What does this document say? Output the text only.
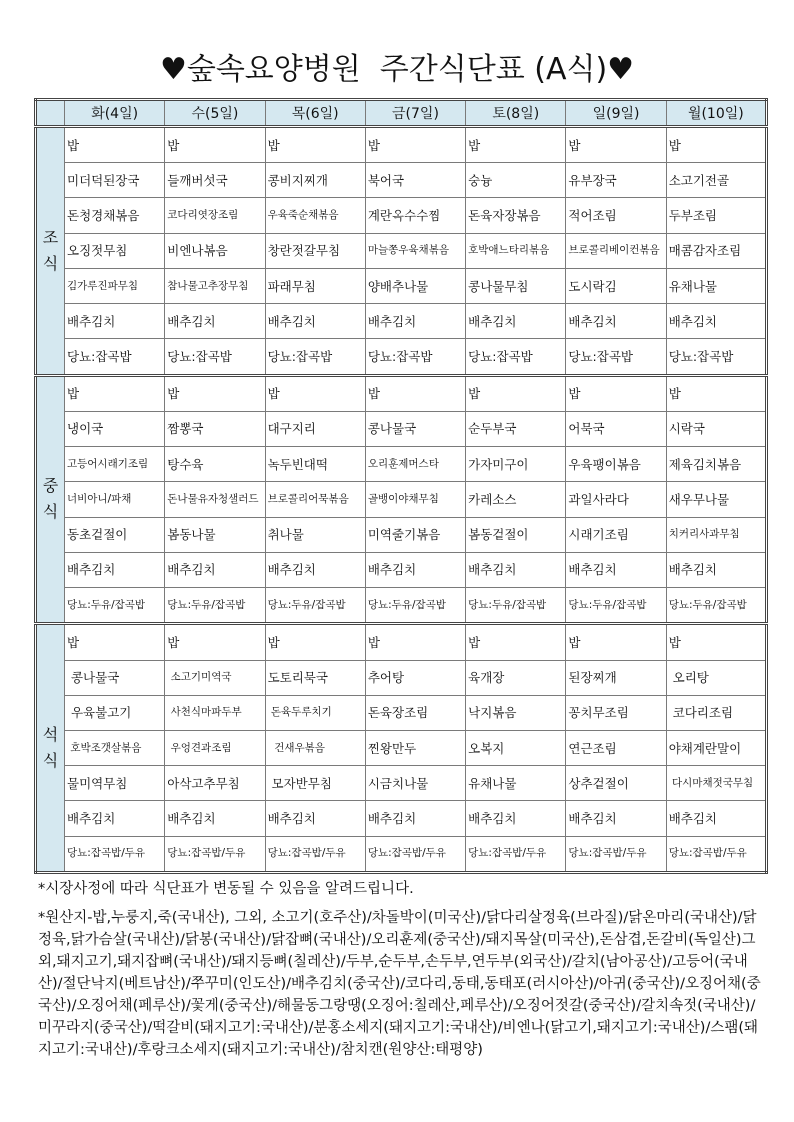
♥숲속요양병원  주간식단표 (A식)♥
	화(4일)	수(5일)	목(6일)	금(7일)	토(8일)	일(9일)	월(10일)
조
식	밥	밥	밥	밥	밥	밥	밥
	미더덕된장국	들깨버섯국	콩비지찌개	북어국	숭늉	유부장국	소고기전골
	돈청경채볶음	코다리엿장조림	우육죽순채볶음	계란옥수수찜	돈육자장볶음	적어조림	두부조림
	오징젓무침	비엔나볶음	창란젓갈무침	마늘쫑우육채볶음	호박애느타리볶음	브로콜리베이컨볶음	매콤감자조림
	김가루진파무침	참나물고추장무침	파래무침	양배추나물	콩나물무침	도시락김	유채나물
	배추김치	배추김치	배추김치	배추김치	배추김치	배추김치	배추김치
	당뇨:잡곡밥	당뇨:잡곡밥	당뇨:잡곡밥	당뇨:잡곡밥	당뇨:잡곡밥	당뇨:잡곡밥	당뇨:잡곡밥
중
식	밥	밥	밥	밥	밥	밥	밥
	냉이국	짬뽕국	대구지리	콩나물국	순두부국	어묵국	시락국
	고등어시래기조림	탕수육	녹두빈대떡	오리훈제머스타	가자미구이	우육팽이볶음	제육김치볶음
	너비아니/파채	돈나물유자청샐러드	브로콜리어묵볶음	골뱅이야채무침	카레소스	과일사라다	새우무나물
	동초겉절이	봄동나물	취나물	미역줄기볶음	봄동겉절이	시래기조림	치커리사과무침
	배추김치	배추김치	배추김치	배추김치	배추김치	배추김치	배추김치
	당뇨:두유/잡곡밥	당뇨:두유/잡곡밥	당뇨:두유/잡곡밥	당뇨:두유/잡곡밥	당뇨:두유/잡곡밥	당뇨:두유/잡곡밥	당뇨:두유/잡곡밥
석
식	밥	밥	밥	밥	밥	밥	밥
	콩나물국	소고기미역국	도토리묵국	추어탕	육개장	된장찌개	오리탕
	우육불고기	사천식마파두부	돈육두루치기	돈육장조림	낙지볶음	꽁치무조림	코다리조림
	호박조갯살볶음	우엉견과조림	건새우볶음	찐왕만두	오복지	연근조림	야채계란말이
	물미역무침	아삭고추무침	모자반무침	시금치나물	유채나물	상추겉절이	다시마채젓국무침
	배추김치	배추김치	배추김치	배추김치	배추김치	배추김치	배추김치
	당뇨:잡곡밥/두유	당뇨:잡곡밥/두유	당뇨:잡곡밥/두유	당뇨:잡곡밥/두유	당뇨:잡곡밥/두유	당뇨:잡곡밥/두유	당뇨:잡곡밥/두유

*시장사정에 따라 식단표가 변동될 수 있음을 알려드립니다.

*원산지-밥,누룽지,죽(국내산), 그외, 소고기(호주산)/차돌박이(미국산)/닭다리살정육(브라질)/닭온마리(국내산)/닭정육,닭가슴살(국내산)/닭봉(국내산)/닭잡뼈(국내산)/오리훈제(중국산)/돼지목살(미국산),돈삼겹,돈갈비(독일산)그외,돼지고기,돼지잡뼈(국내산)/돼지등뼈(칠레산)/두부,순두부,손두부,연두부(외국산)/갈치(남아공산)/고등어(국내산)/절단낙지(베트남산)/쭈꾸미(인도산)/배추김치(중국산)/코다리,동태,동태포(러시아산)/아귀(중국산)/오징어채(중국산)/오징어채(페루산)/꽃게(중국산)/해물동그랑땡(오징어:칠레산,페루산)/오징어젓갈(중국산)/갈치속젓(국내산)/미꾸라지(중국산)/떡갈비(돼지고기:국내산)/분홍소세지(돼지고기:국내산)/비엔나(닭고기,돼지고기:국내산)/스팸(돼지고기:국내산)/후랑크소세지(돼지고기:국내산)/참치캔(원양산:태평양)
